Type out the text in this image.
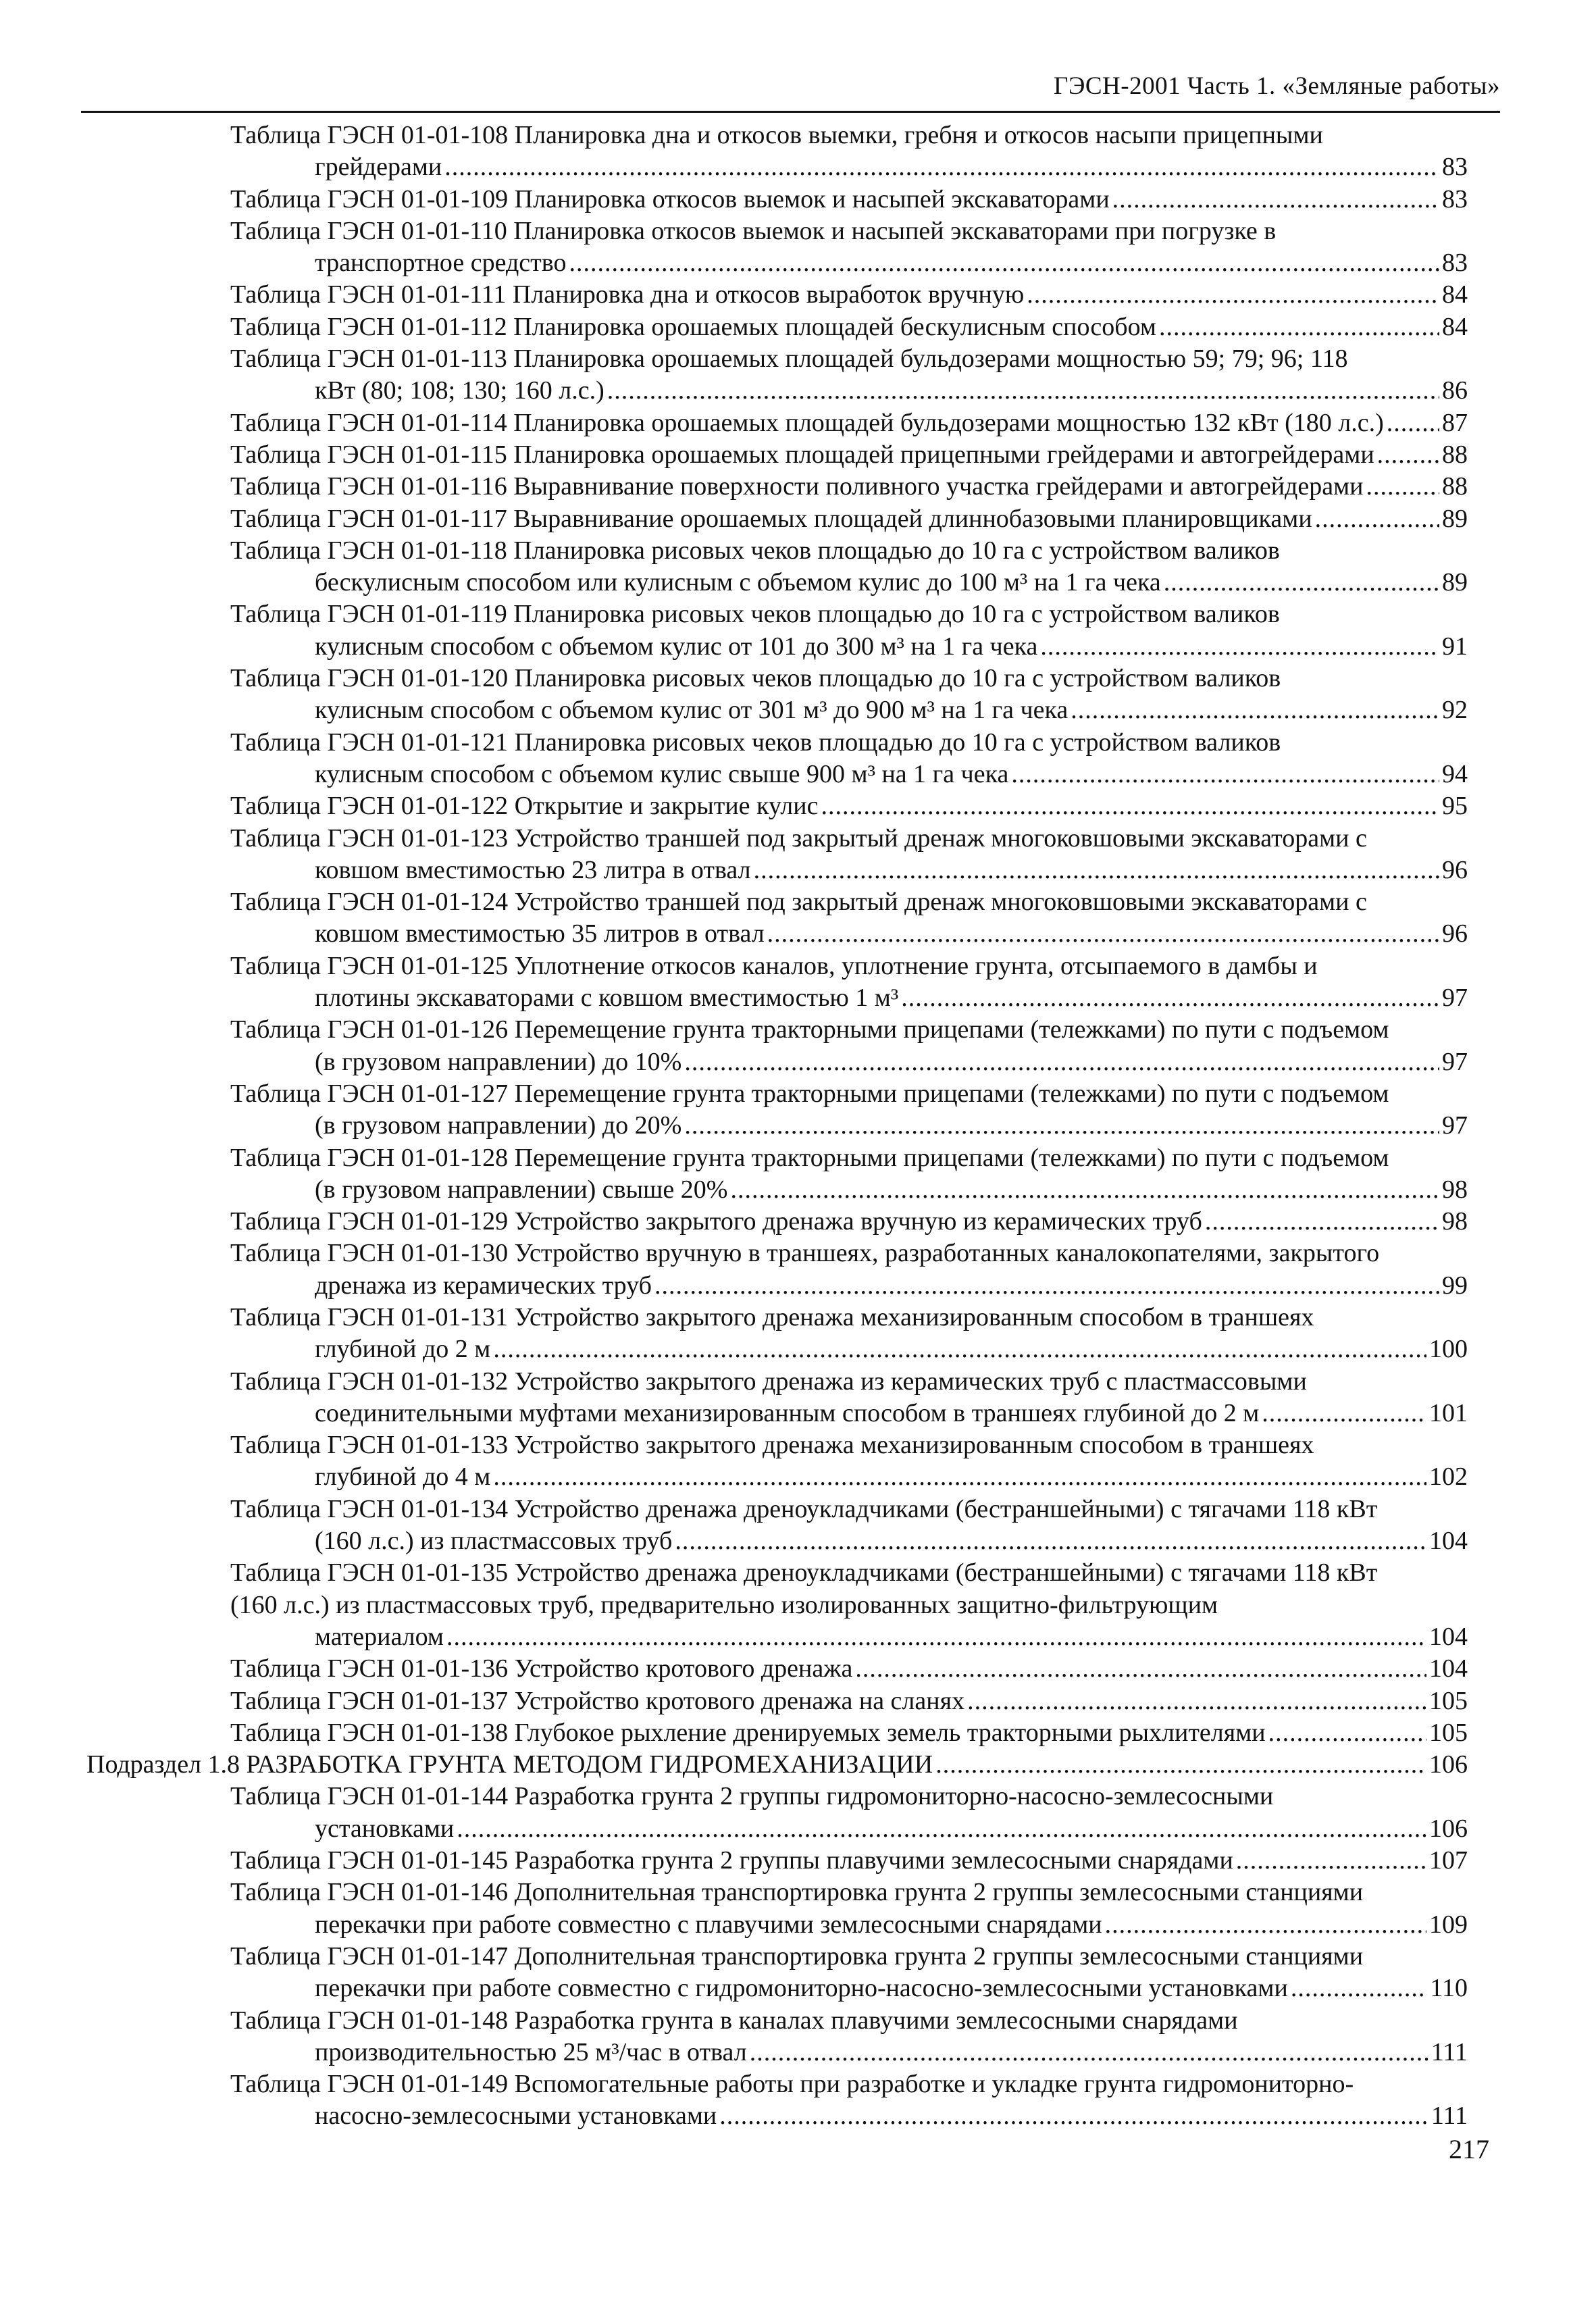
ГЭСН-2001 Часть 1. «Земляные работы»
Таблица ГЭСН 01-01-108 Планировка дна и откосов выемки, гребня и откосов насыпи прицепными
грейдерами .....	83
Таблица ГЭСН 01-01-109 Планировка откосов выемок и насыпей экскаваторами .....	83
Таблица ГЭСН 01-01-110 Планировка откосов выемок и насыпей экскаваторами при погрузке в
транспортное средство .....	83
Таблица ГЭСН 01-01-111 Планировка дна и откосов выработок вручную .....	84
Таблица ГЭСН 01-01-112 Планировка орошаемых площадей бескулисным способом .....	84
Таблица ГЭСН 01-01-113 Планировка орошаемых площадей бульдозерами мощностью 59; 79; 96; 118
кВт (80; 108; 130; 160 л.с.) .....	86
Таблица ГЭСН 01-01-114 Планировка орошаемых площадей бульдозерами мощностью 132 кВт (180 л.с.) ..... 87
Таблица ГЭСН 01-01-115 Планировка орошаемых площадей прицепными грейдерами и автогрейдерами .....	88
Таблица ГЭСН 01-01-116 Выравнивание поверхности поливного участка грейдерами и автогрейдерами .....	88
Таблица ГЭСН 01-01-117 Выравнивание орошаемых площадей длиннобазовыми планировщиками .....	89
Таблица ГЭСН 01-01-118 Планировка рисовых чеков площадью до 10 га с устройством валиков
бескулисным способом или кулисным с объемом кулис до 100 м³ на 1 га чека .....	89
Таблица ГЭСН 01-01-119 Планировка рисовых чеков площадью до 10 га с устройством валиков
кулисным способом с объемом кулис от 101 до 300 м³ на 1 га чека .....	91
Таблица ГЭСН 01-01-120 Планировка рисовых чеков площадью до 10 га с устройством валиков
кулисным способом с объемом кулис от 301 м³ до 900 м³ на 1 га чека .....	92
Таблица ГЭСН 01-01-121 Планировка рисовых чеков площадью до 10 га с устройством валиков
кулисным способом с объемом кулис свыше 900 м³ на 1 га чека .....	94
Таблица ГЭСН 01-01-122 Открытие и закрытие кулис .....	95
Таблица ГЭСН 01-01-123 Устройство траншей под закрытый дренаж многоковшовыми экскаваторами с
ковшом вместимостью 23 литра в отвал .....	96
Таблица ГЭСН 01-01-124 Устройство траншей под закрытый дренаж многоковшовыми экскаваторами с
ковшом вместимостью 35 литров в отвал .....	96
Таблица ГЭСН 01-01-125 Уплотнение откосов каналов, уплотнение грунта, отсыпаемого в дамбы и
плотины экскаваторами с ковшом вместимостью 1 м³ .....	97
Таблица ГЭСН 01-01-126 Перемещение грунта тракторными прицепами (тележками) по пути с подъемом
(в грузовом направлении) до 10% .....	97
Таблица ГЭСН 01-01-127 Перемещение грунта тракторными прицепами (тележками) по пути с подъемом
(в грузовом направлении) до 20% .....	97
Таблица ГЭСН 01-01-128 Перемещение грунта тракторными прицепами (тележками) по пути с подъемом
(в грузовом направлении) свыше 20% .....	98
Таблица ГЭСН 01-01-129 Устройство закрытого дренажа вручную из керамических труб .....	98
Таблица ГЭСН 01-01-130 Устройство вручную в траншеях, разработанных каналокопателями, закрытого
дренажа из керамических труб .....	99
Таблица ГЭСН 01-01-131 Устройство закрытого дренажа механизированным способом в траншеях
глубиной до 2 м .....	100
Таблица ГЭСН 01-01-132 Устройство закрытого дренажа из керамических труб с пластмассовыми
соединительными муфтами механизированным способом в траншеях глубиной до 2 м .....	101
Таблица ГЭСН 01-01-133 Устройство закрытого дренажа механизированным способом в траншеях
глубиной до 4 м .....	102
Таблица ГЭСН 01-01-134 Устройство дренажа дреноукладчиками (бестраншейными) с тягачами 118 кВт
(160 л.с.) из пластмассовых труб .....	104
Таблица ГЭСН 01-01-135 Устройство дренажа дреноукладчиками (бестраншейными) с тягачами 118 кВт
(160 л.с.) из пластмассовых труб, предварительно изолированных защитно-фильтрующим
материалом .....	104
Таблица ГЭСН 01-01-136 Устройство кротового дренажа .....	104
Таблица ГЭСН 01-01-137 Устройство кротового дренажа на сланях .....	105
Таблица ГЭСН 01-01-138 Глубокое рыхление дренируемых земель тракторными рыхлителями .....	105
Подраздел 1.8 РАЗРАБОТКА ГРУНТА МЕТОДОМ ГИДРОМЕХАНИЗАЦИИ .....	106
Таблица ГЭСН 01-01-144 Разработка грунта 2 группы гидромониторно-насосно-землесосными
установками .....	106
Таблица ГЭСН 01-01-145 Разработка грунта 2 группы плавучими землесосными снарядами .....	107
Таблица ГЭСН 01-01-146 Дополнительная транспортировка грунта 2 группы землесосными станциями
перекачки при работе совместно с плавучими землесосными снарядами .....	109
Таблица ГЭСН 01-01-147 Дополнительная транспортировка грунта 2 группы землесосными станциями
перекачки при работе совместно с гидромониторно-насосно-землесосными установками .....	110
Таблица ГЭСН 01-01-148 Разработка грунта в каналах плавучими землесосными снарядами
производительностью 25 м³/час в отвал .....	111
Таблица ГЭСН 01-01-149 Вспомогательные работы при разработке и укладке грунта гидромониторно-
насосно-землесосными установками .....	111
217
